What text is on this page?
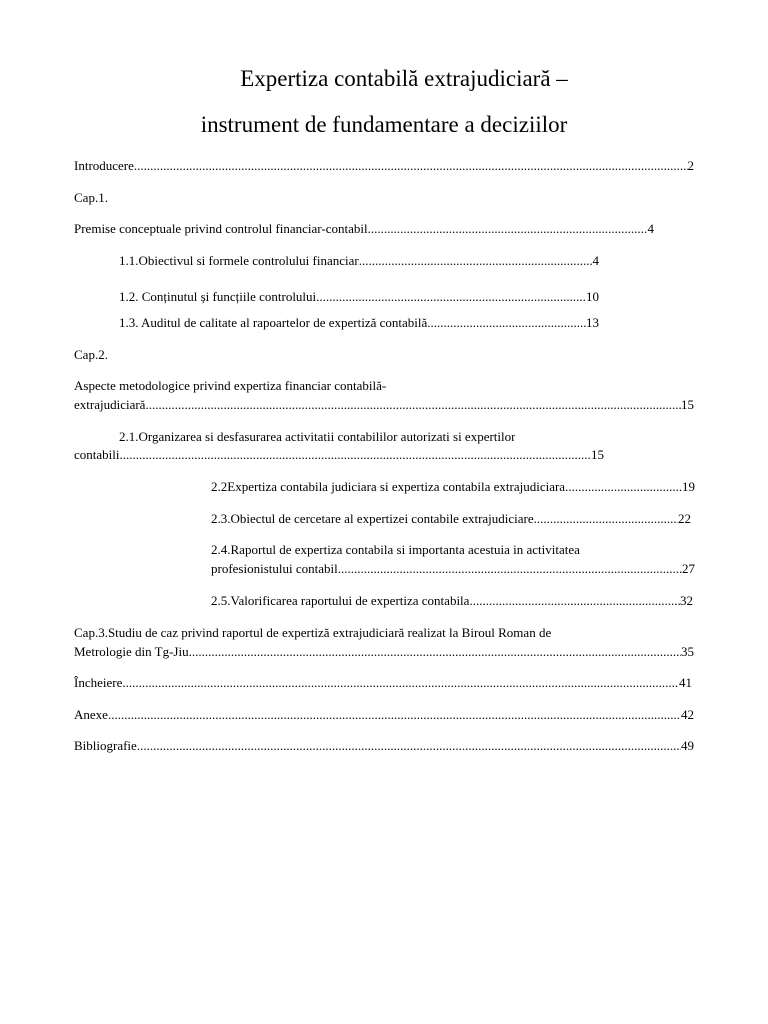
Expertiza contabilă extrajudiciară –
instrument de fundamentare a deciziilor
Introducere .....	2
Cap.1.
Premise conceptuale privind controlul financiar-contabil .....	4
1.1.Obiectivul si formele controlului financiar .....	4
1.2. Conținutul și funcțiile controlului .....	10
1.3. Auditul de calitate al rapoartelor de expertiză contabilă .....	13
Cap.2.
Aspecte metodologice privind expertiza financiar contabilă-
extrajudiciară .....	15
2.1.Organizarea si desfasurarea activitatii contabililor autorizati si expertilor
contabili .....	15
2.2Expertiza contabila judiciara si expertiza contabila extrajudiciara .....	19
2.3.Obiectul de cercetare al expertizei contabile extrajudiciare .....	22
2.4.Raportul de expertiza contabila si importanta acestuia in activitatea
profesionistului contabil .....	27
2.5.Valorificarea raportului de expertiza contabila .....	32
Cap.3.Studiu de caz privind raportul de expertiză extrajudiciară realizat la Biroul Roman de
Metrologie din Tg-Jiu .....	35
Încheiere .....	41
Anexe .....	42
Bibliografie .....	49
